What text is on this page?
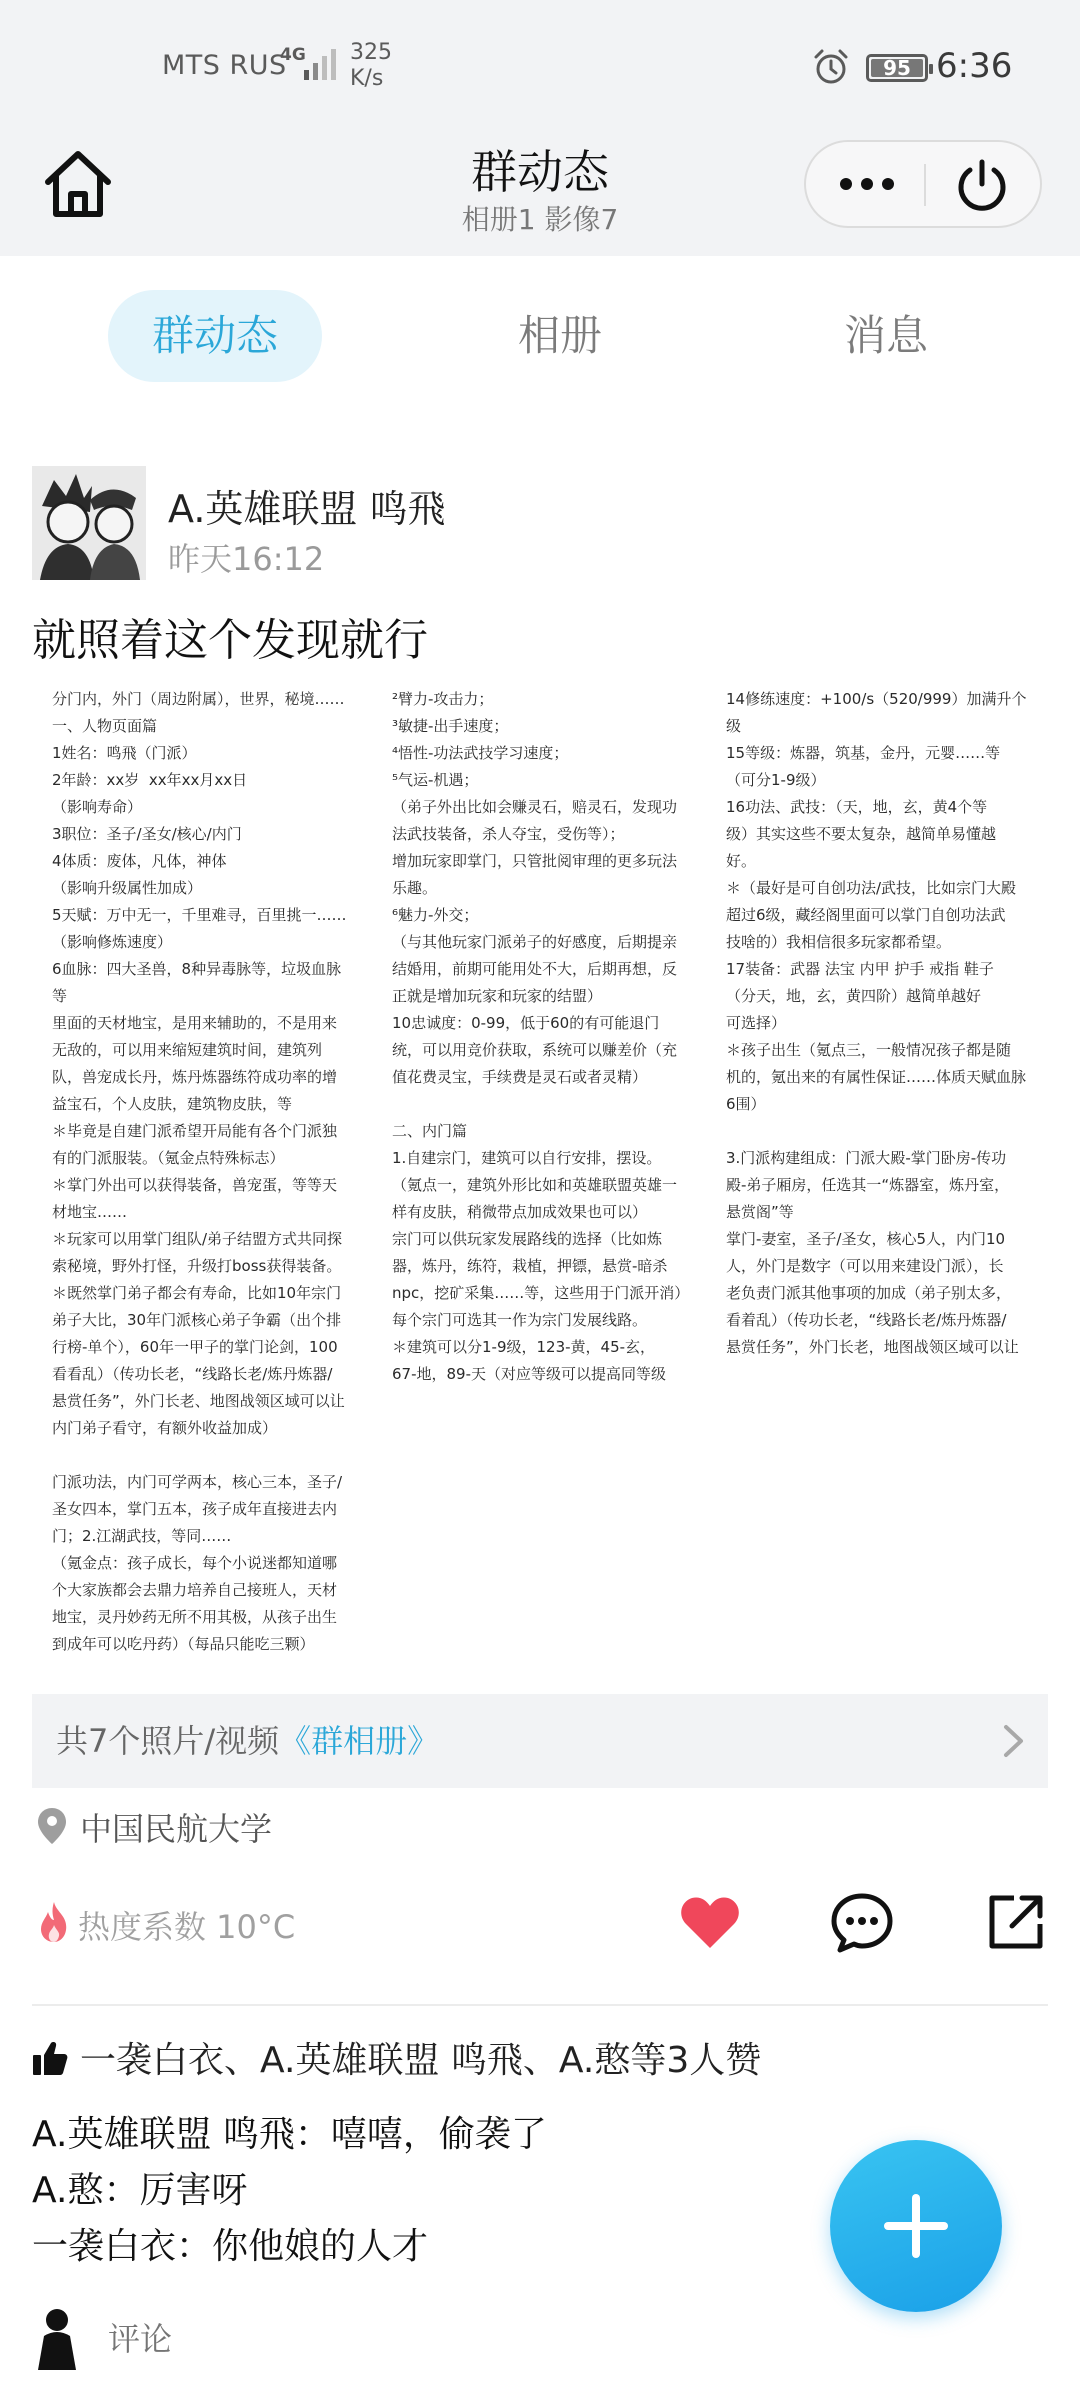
MTS RUS
4G 325
K/s	95 6:36
群动态
相册1 影像7
群动态	相册	消息
A.英雄联盟 鸣飛
昨天16:12
就照着这个发现就行
分门内，外门（周边附属），世界，秘境……
一、人物页面篇
1姓名：鸣飛（门派）
2年龄：xx岁  xx年xx月xx日
（影响寿命）
3职位：圣子/圣女/核心/内门
4体质：废体，凡体，神体
（影响升级属性加成）
5天赋：万中无一，千里难寻，百里挑一……
（影响修炼速度）
6血脉：四大圣兽，8种异毒脉等，垃圾血脉
等
里面的天材地宝，是用来辅助的，不是用来
无敌的，可以用来缩短建筑时间，建筑列
队，兽宠成长丹，炼丹炼器练符成功率的增
益宝石，个人皮肤，建筑物皮肤，等
＊毕竟是自建门派希望开局能有各个门派独
有的门派服装。（氪金点特殊标志）
＊掌门外出可以获得装备，兽宠蛋，等等天
材地宝……
＊玩家可以用掌门组队/弟子结盟方式共同探
索秘境，野外打怪，升级打boss获得装备。
＊既然掌门弟子都会有寿命，比如10年宗门
弟子大比，30年门派核心弟子争霸（出个排
行榜-单个），60年一甲子的掌门论剑，100
看看乱）（传功长老，“线路长老/炼丹炼器/
悬赏任务”，外门长老、地图战领区域可以让
内门弟子看守，有额外收益加成）

门派功法，内门可学两本，核心三本，圣子/
圣女四本，掌门五本，孩子成年直接进去内
门；2.江湖武技，等同……
（氪金点：孩子成长，每个小说迷都知道哪
个大家族都会去鼎力培养自己接班人，天材
地宝，灵丹妙药无所不用其极，从孩子出生
到成年可以吃丹药）（每品只能吃三颗）
²臂力-攻击力；
³敏捷-出手速度；
⁴悟性-功法武技学习速度；
⁵气运-机遇；
（弟子外出比如会赚灵石，赔灵石，发现功
法武技装备，杀人夺宝，受伤等）；
增加玩家即掌门，只管批阅审理的更多玩法
乐趣。
⁶魅力-外交；
（与其他玩家门派弟子的好感度，后期提亲
结婚用，前期可能用处不大，后期再想，反
正就是增加玩家和玩家的结盟）
10忠诚度：0-99，低于60的有可能退门
统，可以用竞价获取，系统可以赚差价（充
值花费灵宝，手续费是灵石或者灵精）

二、内门篇
1.自建宗门，建筑可以自行安排，摆设。
（氪点一，建筑外形比如和英雄联盟英雄一
样有皮肤，稍微带点加成效果也可以）
宗门可以供玩家发展路线的选择（比如炼
器，炼丹，练符，栽植，押镖，悬赏-暗杀
npc，挖矿采集……等，这些用于门派开消）
每个宗门可选其一作为宗门发展线路。
＊建筑可以分1-9级，123-黄，45-玄，
67-地，89-天（对应等级可以提高同等级
14修练速度：+100/s（520/999）加满升个
级
15等级：炼器，筑基，金丹，元婴……等
（可分1-9级）
16功法、武技：（天，地，玄，黄4个等
级）其实这些不要太复杂，越简单易懂越
好。
＊（最好是可自创功法/武技，比如宗门大殿
超过6级，藏经阁里面可以掌门自创功法武
技啥的）我相信很多玩家都希望。
17装备：武器 法宝 内甲 护手 戒指 鞋子
（分天，地，玄，黄四阶）越简单越好
可选择）
＊孩子出生（氪点三，一般情况孩子都是随
机的，氪出来的有属性保证……体质天赋血脉
6围）

3.门派构建组成：门派大殿-掌门卧房-传功
殿-弟子厢房，任选其一“炼器室，炼丹室，
悬赏阁”等
掌门-妻室，圣子/圣女，核心5人，内门10
人，外门是数字（可以用来建设门派），长
老负责门派其他事项的加成（弟子别太多，
看着乱）（传功长老，“线路长老/炼丹炼器/
悬赏任务”，外门长老，地图战领区域可以让
共7个照片/视频《群相册》
中国民航大学
热度系数 10°C
一袭白衣、A.英雄联盟 鸣飛、A.憨等3人赞
A.英雄联盟 鸣飛：嘻嘻，偷袭了
A.憨：厉害呀
一袭白衣：你他娘的人才
评论
